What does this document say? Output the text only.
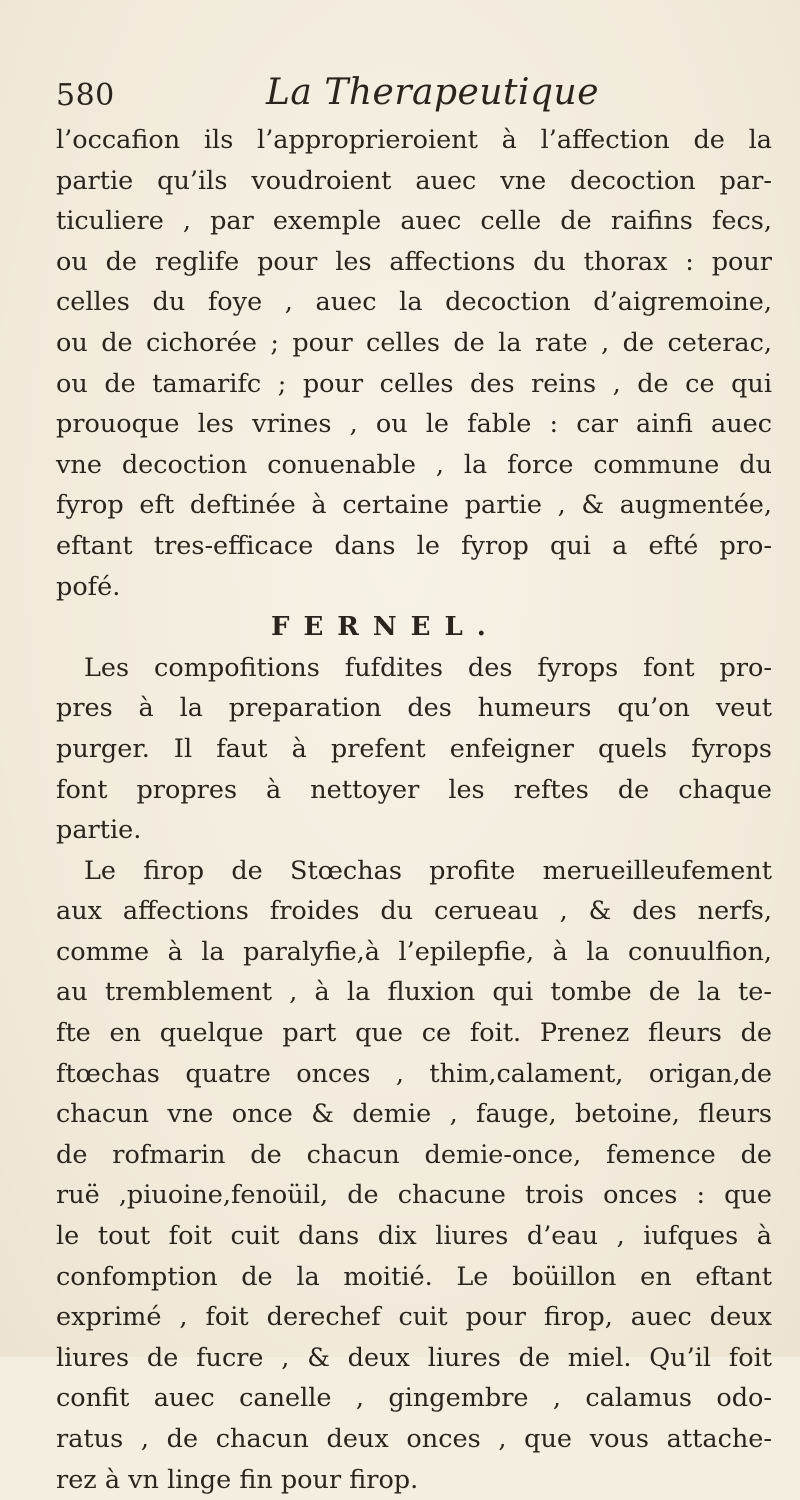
580	La Therapeutique
l’occafion ils l’approprieroient à l’affection de la
partie qu’ils voudroient auec vne decoction par-
ticuliere , par exemple auec celle de raifins fecs,
ou de reglife pour les affections du thorax : pour
celles du foye , auec la decoction d’aigremoine,
ou de cichorée ; pour celles de la rate , de ceterac,
ou de tamarifc ; pour celles des reins , de ce qui
prouoque les vrines , ou le fable : car ainfi auec
vne decoction conuenable , la force commune du
fyrop eft deftinée à certaine partie , & augmentée,
eftant tres-efficace dans le fyrop qui a efté pro-
pofé.
FERNEL.
Les compofitions fufdites des fyrops font pro-
pres à la preparation des humeurs qu’on veut
purger. Il faut à prefent enfeigner quels fyrops
font propres à nettoyer les reftes de chaque
partie.
Le firop de Stœchas profite merueilleufement
aux affections froides du cerueau , & des nerfs,
comme à la paralyfie,à l’epilepfie, à la conuulfion,
au tremblement , à la fluxion qui tombe de la te-
fte en quelque part que ce foit. Prenez fleurs de
ftœchas quatre onces , thim,calament, origan,de
chacun vne once & demie , fauge, betoine, fleurs
de rofmarin de chacun demie-once, femence de
ruë ,piuoine,fenoüil, de chacune trois onces : que
le tout foit cuit dans dix liures d’eau , iufques à
confomption de la moitié. Le boüillon en eftant
exprimé , foit derechef cuit pour firop, auec deux
liures de fucre , & deux liures de miel. Qu’il foit
confit auec canelle , gingembre , calamus odo-
ratus , de chacun deux onces , que vous attache-
rez à vn linge fin pour firop.
